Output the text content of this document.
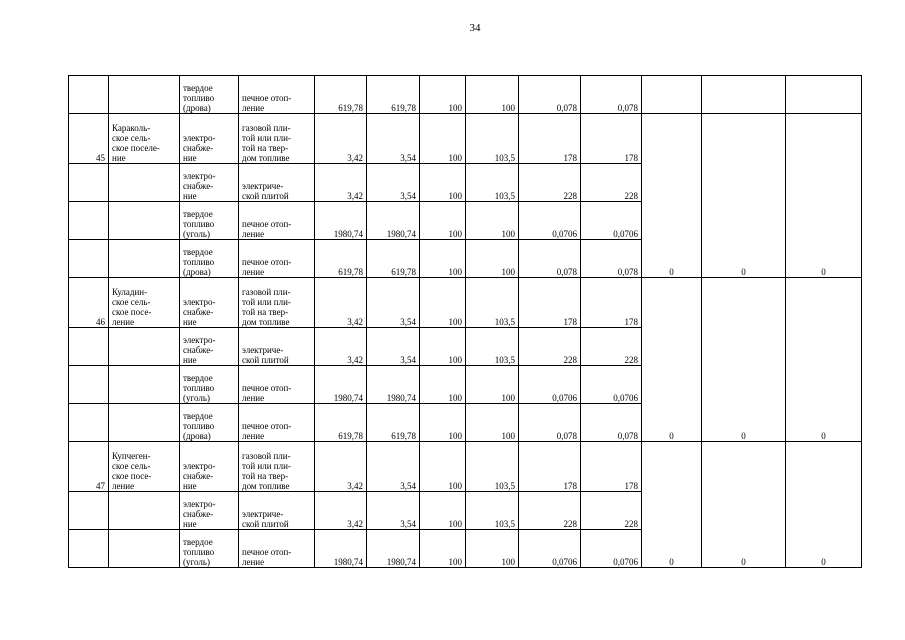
34
		твердое
топливо
(дрова)	печное отоп-
ление	619,78	619,78	100	100	0,078	0,078			
45	Караколь-
ское сель-
ское поселе-
ние	электро-
снабже-
ние	газовой пли-
той или пли-
той на твер-
дом топливе	3,42	3,54	100	103,5	178	178			
		электро-
снабже-
ние	электриче-
ской плитой	3,42	3,54	100	103,5	228	228	0	0	0
		твердое
топливо
(уголь)	печное отоп-
ление	1980,74	1980,74	100	100	0,0706	0,0706			
		твердое
топливо
(дрова)	печное отоп-
ление	619,78	619,78	100	100	0,078	0,078			
46	Куладин-
ское сель-
ское посе-
ление	электро-
снабже-
ние	газовой пли-
той или пли-
той на твер-
дом топливе	3,42	3,54	100	103,5	178	178			
		электро-
снабже-
ние	электриче-
ской плитой	3,42	3,54	100	103,5	228	228	0	0	0
		твердое
топливо
(уголь)	печное отоп-
ление	1980,74	1980,74	100	100	0,0706	0,0706			
		твердое
топливо
(дрова)	печное отоп-
ление	619,78	619,78	100	100	0,078	0,078			
47	Купчеген-
ское сель-
ское посе-
ление	электро-
снабже-
ние	газовой пли-
той или пли-
той на твер-
дом топливе	3,42	3,54	100	103,5	178	178			
		электро-
снабже-
ние	электриче-
ской плитой	3,42	3,54	100	103,5	228	228	0	0	0
		твердое
топливо
(уголь)	печное отоп-
ление	1980,74	1980,74	100	100	0,0706	0,0706			
